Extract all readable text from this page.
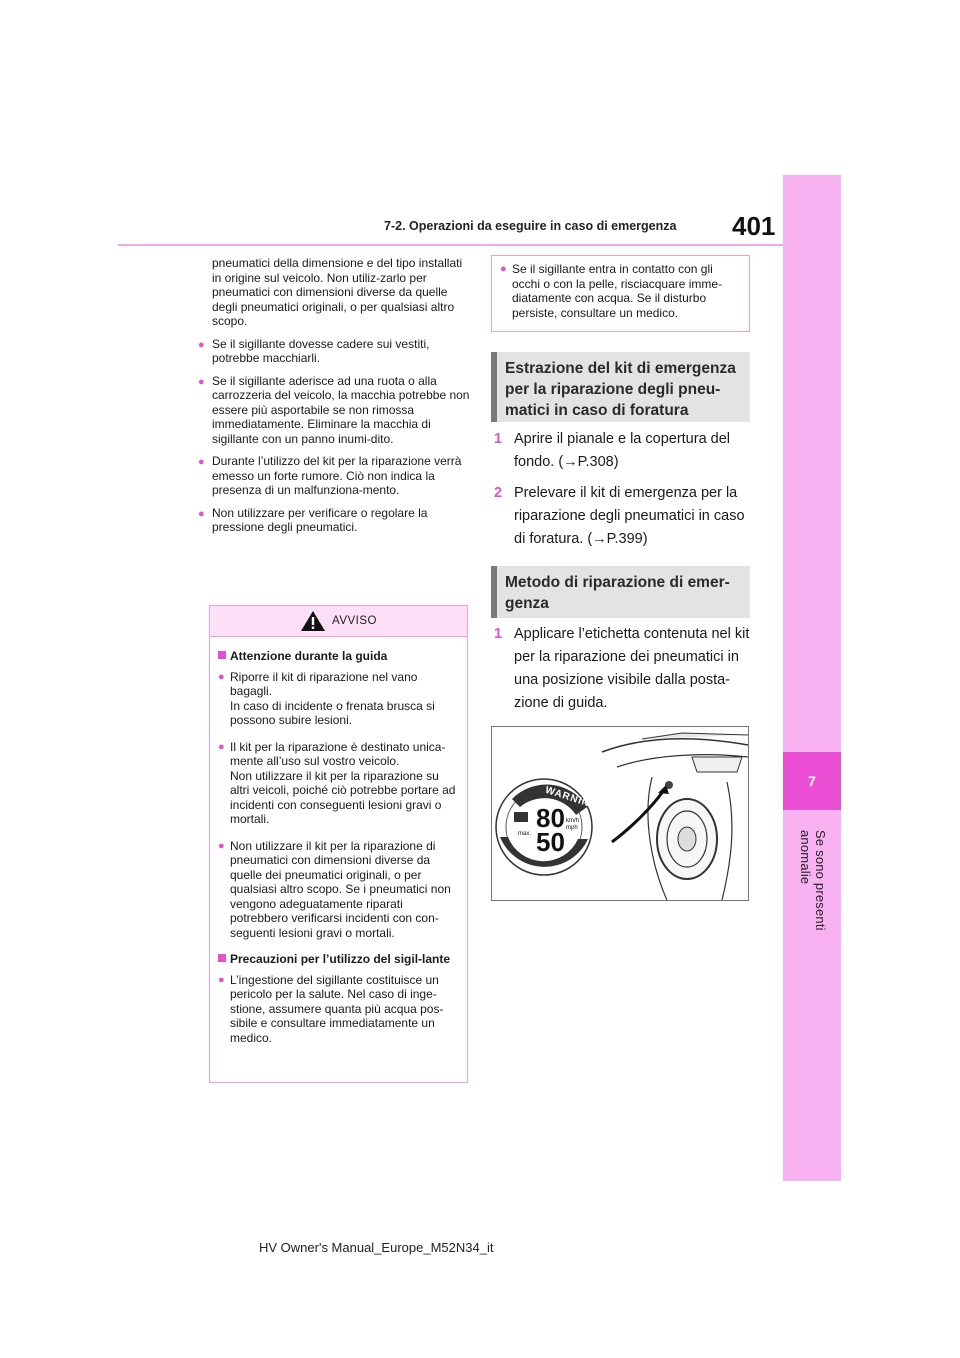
7-2. Operazioni da eseguire in caso di emergenza 401
7
Se sono presenti anomalie

pneumatici della dimensione e del tipo installati in origine sul veicolo. Non utiliz-zarlo per pneumatici con dimensioni diverse da quelle degli pneumatici originali, o per qualsiasi altro scopo.

● Se il sigillante dovesse cadere sui vestiti, potrebbe macchiarli.
● Se il sigillante aderisce ad una ruota o alla carrozzeria del veicolo, la macchia potrebbe non essere più asportabile se non rimossa immediatamente. Eliminare la macchia di sigillante con un panno inumi-dito.
● Durante l’utilizzo del kit per la riparazione verrà emesso un forte rumore. Ciò non indica la presenza di un malfunziona-mento.
● Non utilizzare per verificare o regolare la pressione degli pneumatici.
AVVISO
Attenzione durante la guida
● Riporre il kit di riparazione nel vano bagagli.
In caso di incidente o frenata brusca si possono subire lesioni.
● Il kit per la riparazione è destinato unica-mente all’uso sul vostro veicolo.
Non utilizzare il kit per la riparazione su altri veicoli, poiché ciò potrebbe portare ad incidenti con conseguenti lesioni gravi o mortali.
● Non utilizzare il kit per la riparazione di pneumatici con dimensioni diverse da quelle dei pneumatici originali, o per qualsiasi altro scopo. Se i pneumatici non vengono adeguatamente riparati potrebbero verificarsi incidenti con con-seguenti lesioni gravi o mortali.
Precauzioni per l’utilizzo del sigil-lante
● L’ingestione del sigillante costituisce un pericolo per la salute. Nel caso di inge-stione, assumere quanta più acqua pos-sibile e consultare immediatamente un medico.
● Se il sigillante entra in contatto con gli occhi o con la pelle, risciacquare imme-diatamente con acqua. Se il disturbo persiste, consultare un medico.
Estrazione del kit di emergenza per la riparazione degli pneu-matici in caso di foratura
1 Aprire il pianale e la copertura del fondo. (→P.308)
2 Prelevare il kit di emergenza per la riparazione degli pneumatici in caso di foratura. (→P.399)
Metodo di riparazione di emer-genza
1 Applicare l’etichetta contenuta nel kit per la riparazione dei pneumatici in una posizione visibile dalla posta-zione di guida.
WARNING
80
50
km/h
mph
max.
HV Owner's Manual_Europe_M52N34_it
